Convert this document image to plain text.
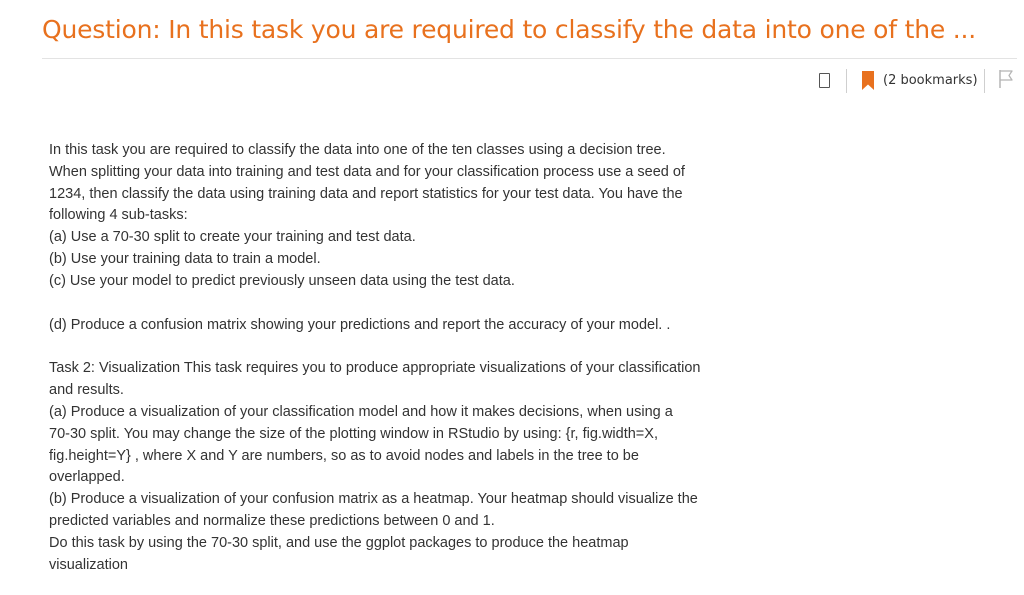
Question: In this task you are required to classify the data into one of the ...
(2 bookmarks)

In this task you are required to classify the data into one of the ten classes using a decision tree.

When splitting your data into training and test data and for your classification process use a seed of

1234, then classify the data using training data and report statistics for your test data. You have the

following 4 sub-tasks:

(a) Use a 70-30 split to create your training and test data.

(b) Use your training data to train a model.

(c) Use your model to predict previously unseen data using the test data.

(d) Produce a confusion matrix showing your predictions and report the accuracy of your model. .

Task 2: Visualization This task requires you to produce appropriate visualizations of your classification

and results.

(a) Produce a visualization of your classification model and how it makes decisions, when using a

70-30 split. You may change the size of the plotting window in RStudio by using: {r, fig.width=X,

fig.height=Y} , where X and Y are numbers, so as to avoid nodes and labels in the tree to be

overlapped.

(b) Produce a visualization of your confusion matrix as a heatmap. Your heatmap should visualize the

predicted variables and normalize these predictions between 0 and 1.

Do this task by using the 70-30 split, and use the ggplot packages to produce the heatmap

visualization
